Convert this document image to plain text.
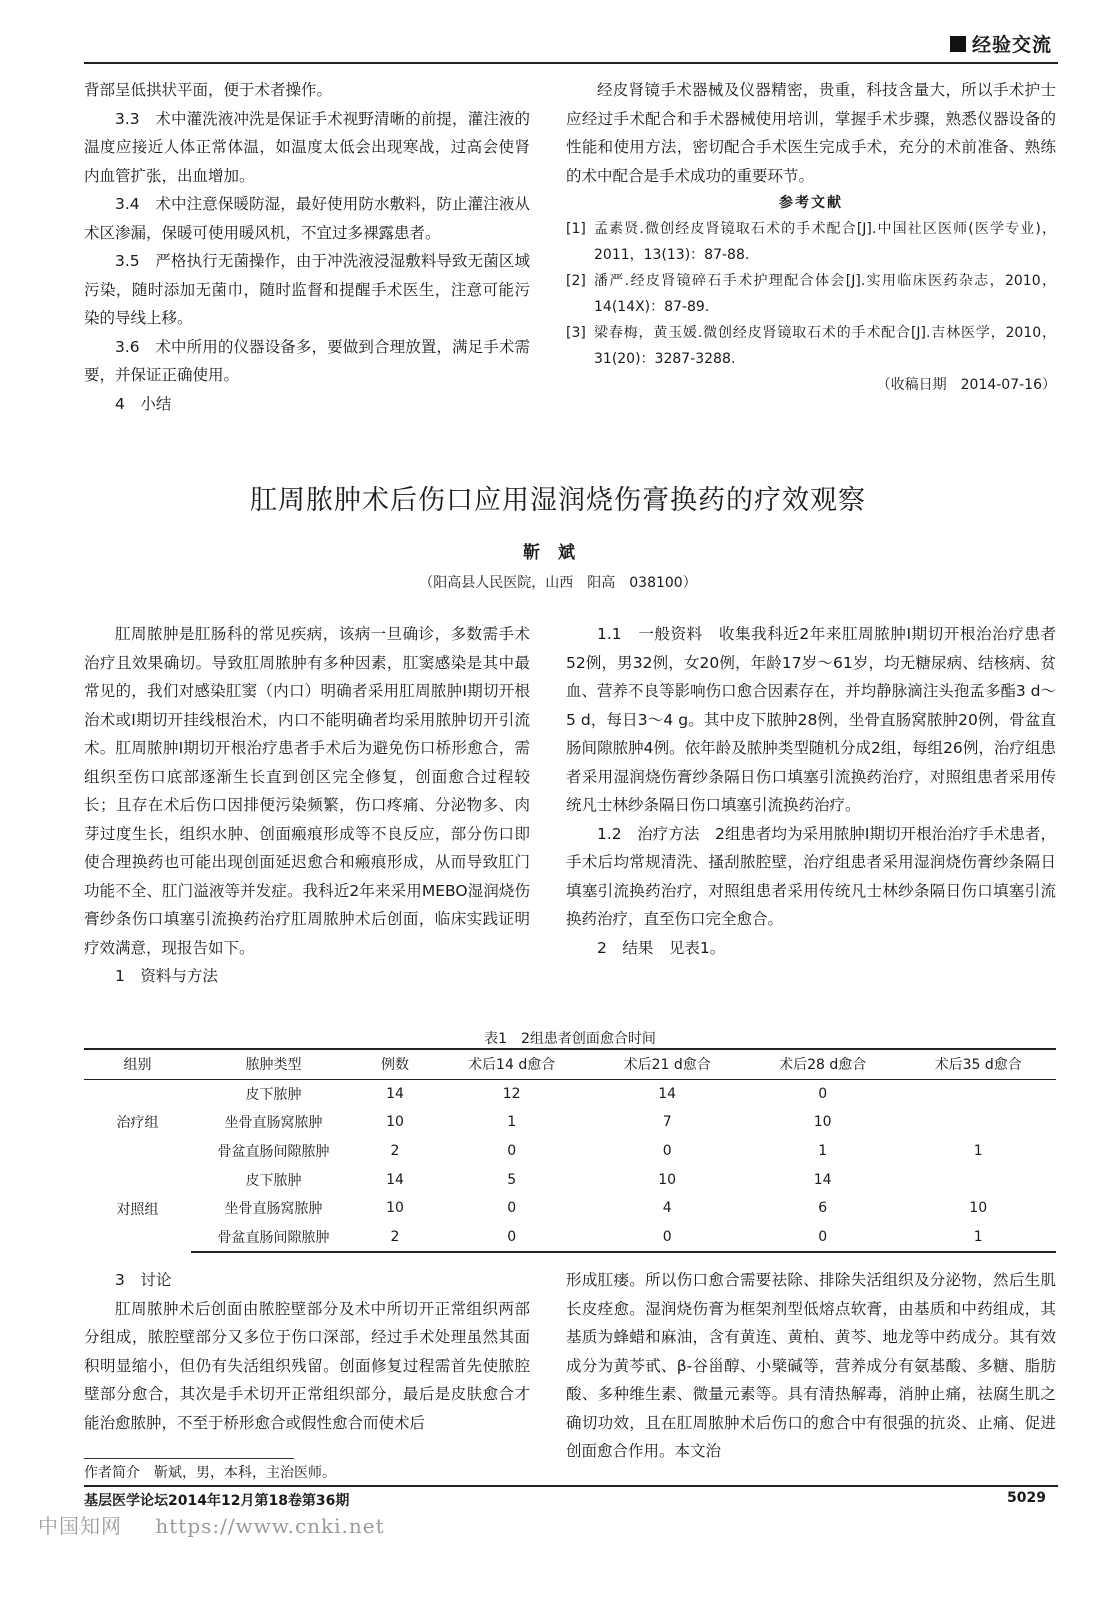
经验交流

背部呈低拱状平面，便于术者操作。

3.3　术中灌洗液冲洗是保证手术视野清晰的前提，灌注液的温度应接近人体正常体温，如温度太低会出现寒战，过高会使肾内血管扩张，出血增加。

3.4　术中注意保暖防湿，最好使用防水敷料，防止灌注液从术区渗漏，保暖可使用暖风机，不宜过多裸露患者。

3.5　严格执行无菌操作，由于冲洗液浸湿敷料导致无菌区域污染，随时添加无菌巾，随时监督和提醒手术医生，注意可能污染的导线上移。

3.6　术中所用的仪器设备多，要做到合理放置，满足手术需要，并保证正确使用。

4　小结

经皮肾镜手术器械及仪器精密，贵重，科技含量大，所以手术护士应经过手术配合和手术器械使用培训，掌握手术步骤，熟悉仪器设备的性能和使用方法，密切配合手术医生完成手术，充分的术前准备、熟练的术中配合是手术成功的重要环节。

参考文献
[1] 孟素贤.微创经皮肾镜取石术的手术配合[J].中国社区医师(医学专业)，2011，13(13)：87-88.
[2] 潘严.经皮肾镜碎石手术护理配合体会[J].实用临床医药杂志，2010，14(14X)：87-89.
[3] 梁春梅，黄玉媛.微创经皮肾镜取石术的手术配合[J].吉林医学，2010，31(20)：3287-3288.
（收稿日期　2014-07-16）
肛周脓肿术后伤口应用湿润烧伤膏换药的疗效观察
靳斌
（阳高县人民医院，山西　阳高　038100）

肛周脓肿是肛肠科的常见疾病，该病一旦确诊，多数需手术治疗且效果确切。导致肛周脓肿有多种因素，肛窦感染是其中最常见的，我们对感染肛窦（内口）明确者采用肛周脓肿Ⅰ期切开根治术或Ⅰ期切开挂线根治术，内口不能明确者均采用脓肿切开引流术。肛周脓肿Ⅰ期切开根治疗患者手术后为避免伤口桥形愈合，需组织至伤口底部逐渐生长直到创区完全修复，创面愈合过程较长；且存在术后伤口因排便污染频繁，伤口疼痛、分泌物多、肉芽过度生长，组织水肿、创面瘢痕形成等不良反应，部分伤口即使合理换药也可能出现创面延迟愈合和瘢痕形成，从而导致肛门功能不全、肛门溢液等并发症。我科近2年来采用MEBO湿润烧伤膏纱条伤口填塞引流换药治疗肛周脓肿术后创面，临床实践证明疗效满意，现报告如下。

1　资料与方法

1.1　一般资料　收集我科近2年来肛周脓肿Ⅰ期切开根治治疗患者52例，男32例，女20例，年龄17岁～61岁，均无糖尿病、结核病、贫血、营养不良等影响伤口愈合因素存在，并均静脉滴注头孢孟多酯3 d～5 d，每日3～4 g。其中皮下脓肿28例，坐骨直肠窝脓肿20例，骨盆直肠间隙脓肿4例。依年龄及脓肿类型随机分成2组，每组26例，治疗组患者采用湿润烧伤膏纱条隔日伤口填塞引流换药治疗，对照组患者采用传统凡士林纱条隔日伤口填塞引流换药治疗。

1.2　治疗方法　2组患者均为采用脓肿Ⅰ期切开根治治疗手术患者，手术后均常规清洗、搔刮脓腔壁，治疗组患者采用湿润烧伤膏纱条隔日填塞引流换药治疗，对照组患者采用传统凡士林纱条隔日伤口填塞引流换药治疗，直至伤口完全愈合。

2　结果　见表1。

表1　2组患者创面愈合时间
组别	脓肿类型	例数	术后14 d愈合	术后21 d愈合	术后28 d愈合	术后35 d愈合
治疗组	皮下脓肿	14	12	14	0	
	坐骨直肠窝脓肿	10	1	7	10	
	骨盆直肠间隙脓肿	2	0	0	1	1
对照组	皮下脓肿	14	5	10	14	
	坐骨直肠窝脓肿	10	0	4	6	10
	骨盆直肠间隙脓肿	2	0	0	0	1

3　讨论

肛周脓肿术后创面由脓腔壁部分及术中所切开正常组织两部分组成，脓腔壁部分又多位于伤口深部，经过手术处理虽然其面积明显缩小，但仍有失活组织残留。创面修复过程需首先使脓腔壁部分愈合，其次是手术切开正常组织部分，最后是皮肤愈合才能治愈脓肿，不至于桥形愈合或假性愈合而使术后

形成肛瘘。所以伤口愈合需要祛除、排除失活组织及分泌物，然后生肌长皮痊愈。湿润烧伤膏为框架剂型低熔点软膏，由基质和中药组成，其基质为蜂蜡和麻油，含有黄连、黄柏、黄芩、地龙等中药成分。其有效成分为黄芩甙、β-谷甾醇、小檗碱等，营养成分有氨基酸、多糖、脂肪酸、多种维生素、微量元素等。具有清热解毒，消肿止痛，祛腐生肌之确切功效，且在肛周脓肿术后伤口的愈合中有很强的抗炎、止痛、促进创面愈合作用。本文治

作者简介　靳斌，男，本科，主治医师。
基层医学论坛2014年12月第18卷第36期	5029
中国知网 https://www.cnki.net
